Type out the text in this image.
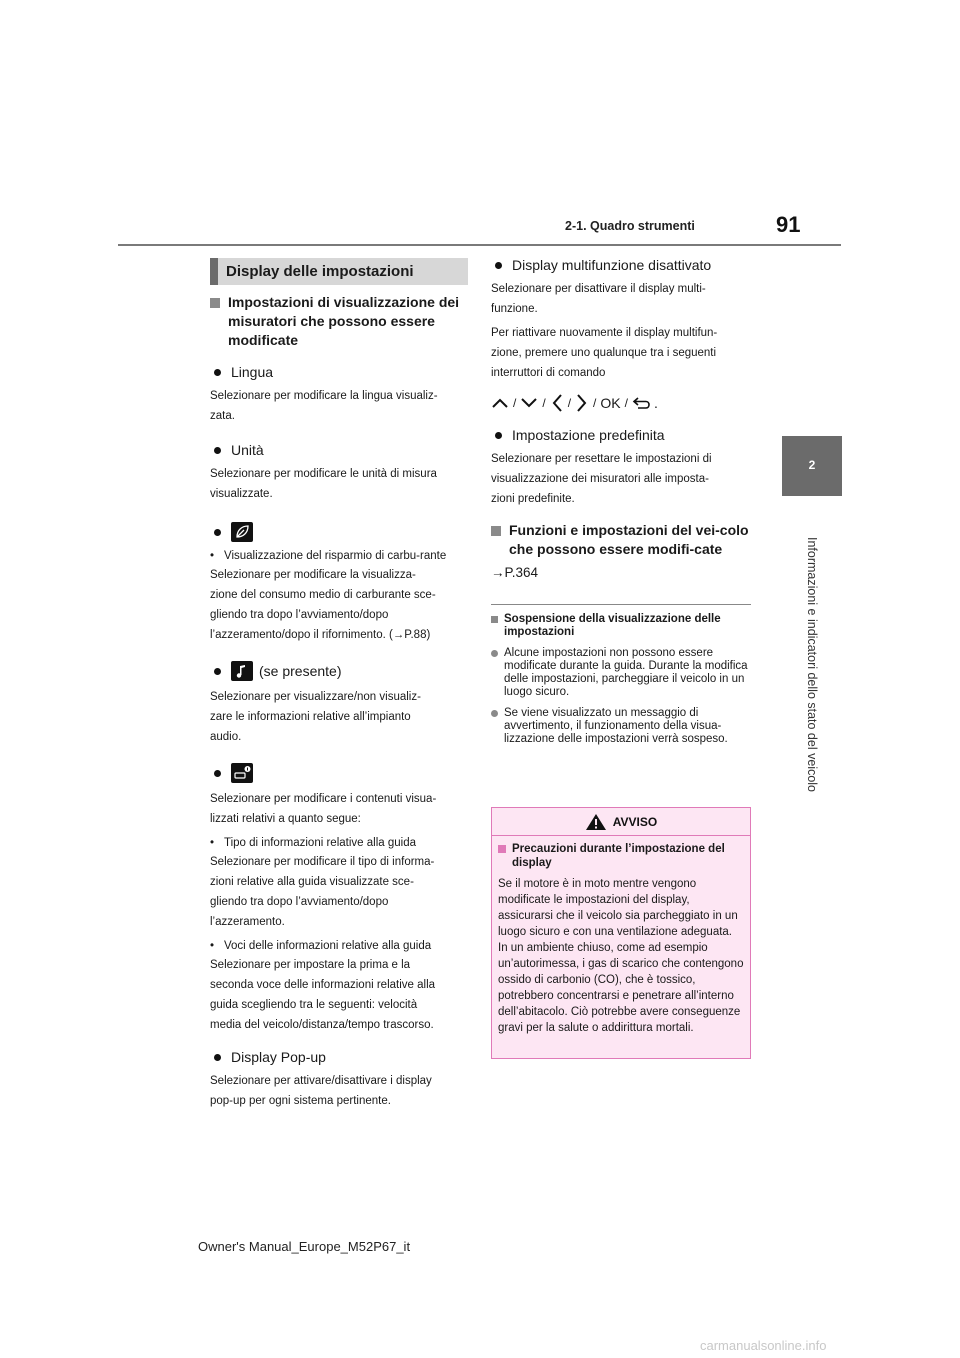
2-1. Quadro strumenti	91
2
Informazioni e indicatori dello stato del veicolo
Display delle impostazioni
Impostazioni di visualizzazione dei misuratori che possono essere modificate
Lingua

Selezionare per modificare la lingua visualiz-

zata.

Unità

Selezionare per modificare le unità di misura

visualizzate.

• Visualizzazione del risparmio di carbu-rante

Selezionare per modificare la visualizza-

zione del consumo medio di carburante sce-

gliendo tra dopo l’avviamento/dopo

l’azzeramento/dopo il rifornimento. (→P.88)

(se presente)

Selezionare per visualizzare/non visualiz-

zare le informazioni relative all’impianto

audio.

Selezionare per modificare i contenuti visua-

lizzati relativi a quanto segue:

• Tipo di informazioni relative alla guida

Selezionare per modificare il tipo di informa-

zioni relative alla guida visualizzate sce-

gliendo tra dopo l’avviamento/dopo

l’azzeramento.

• Voci delle informazioni relative alla guida

Selezionare per impostare la prima e la

seconda voce delle informazioni relative alla

guida scegliendo tra le seguenti: velocità

media del veicolo/distanza/tempo trascorso.

Display Pop-up

Selezionare per attivare/disattivare i display

pop-up per ogni sistema pertinente.

Display multifunzione disattivato

Selezionare per disattivare il display multi-

funzione.

Per riattivare nuovamente il display multifun-

zione, premere uno qualunque tra i seguenti

interruttori di comando

/ / / / OK / .
Impostazione predefinita

Selezionare per resettare le impostazioni di

visualizzazione dei misuratori alle imposta-

zioni predefinite.

Funzioni e impostazioni del vei-colo che possono essere modifi-cate
→P.364
Sospensione della visualizzazione delle impostazioni
Alcune impostazioni non possono essere modificate durante la guida. Durante la modifica delle impostazioni, parcheggiare il veicolo in un luogo sicuro.
Se viene visualizzato un messaggio di avvertimento, il funzionamento della visua-lizzazione delle impostazioni verrà sospeso.
AVVISO
Precauzioni durante l’impostazione del display

Se il motore è in moto mentre vengono modificate le impostazioni del display, assicurarsi che il veicolo sia parcheggiato in un luogo sicuro e con una ventilazione adeguata. In un ambiente chiuso, come ad esempio un’autorimessa, i gas di scarico che contengono ossido di carbonio (CO), che è tossico, potrebbero concentrarsi e penetrare all’interno dell’abitacolo. Ciò potrebbe avere conseguenze gravi per la salute o addirittura mortali.

Owner's Manual_Europe_M52P67_it
carmanualsonline.info
